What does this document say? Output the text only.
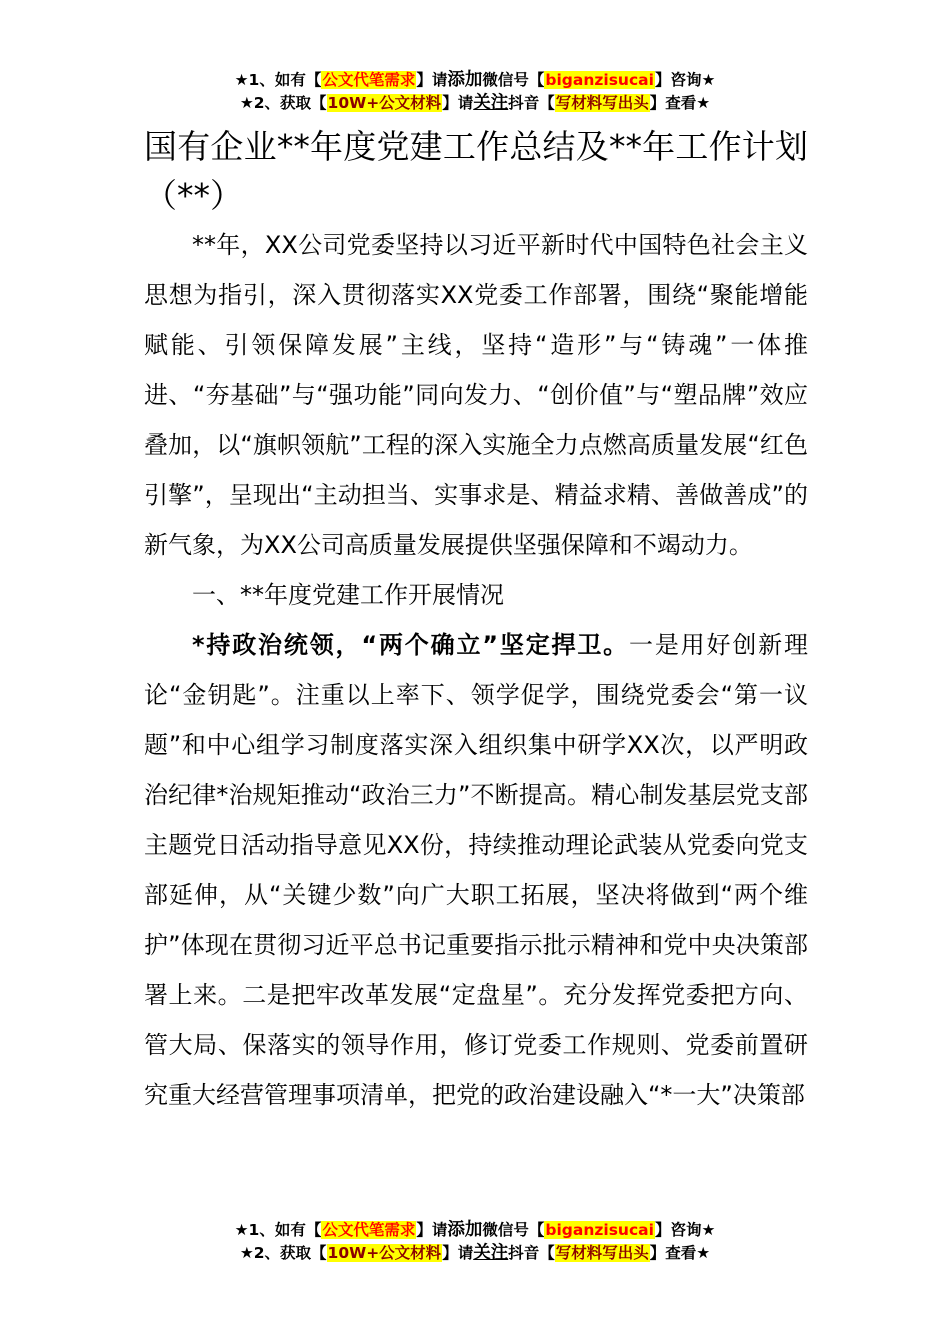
★1、如有【公文代笔需求】请添加微信号【biganzisucai】咨询★
★2、获取【10W+公文材料】请关注抖音【写材料写出头】查看★
国有企业**年度党建工作总结及**年工作计划（**）

**年，XX公司党委坚持以习近平新时代中国特色社会主义思想为指引，深入贯彻落实XX党委工作部署，围绕“聚能增能赋能、引领保障发展”主线，坚持“造形”与“铸魂”一体推进、“夯基础”与“强功能”同向发力、“创价值”与“塑品牌”效应叠加，以“旗帜领航”工程的深入实施全力点燃高质量发展“红色引擎”，呈现出“主动担当、实事求是、精益求精、善做善成”的新气象，为XX公司高质量发展提供坚强保障和不竭动力。

一、**年度党建工作开展情况

*持政治统领，“两个确立”坚定捍卫。一是用好创新理论“金钥匙”。注重以上率下、领学促学，围绕党委会“第一议题”和中心组学习制度落实深入组织集中研学XX次，以严明政治纪律*治规矩推动“政治三力”不断提高。精心制发基层党支部主题党日活动指导意见XX份，持续推动理论武装从党委向党支部延伸，从“关键少数”向广大职工拓展，坚决将做到“两个维护”体现在贯彻习近平总书记重要指示批示精神和党中央决策部署上来。二是把牢改革发展“定盘星”。充分发挥党委把方向、管大局、保落实的领导作用，修订党委工作规则、党委前置研究重大经营管理事项清单，把党的政治建设融入“*一大”决策部

★1、如有【公文代笔需求】请添加微信号【biganzisucai】咨询★
★2、获取【10W+公文材料】请关注抖音【写材料写出头】查看★
